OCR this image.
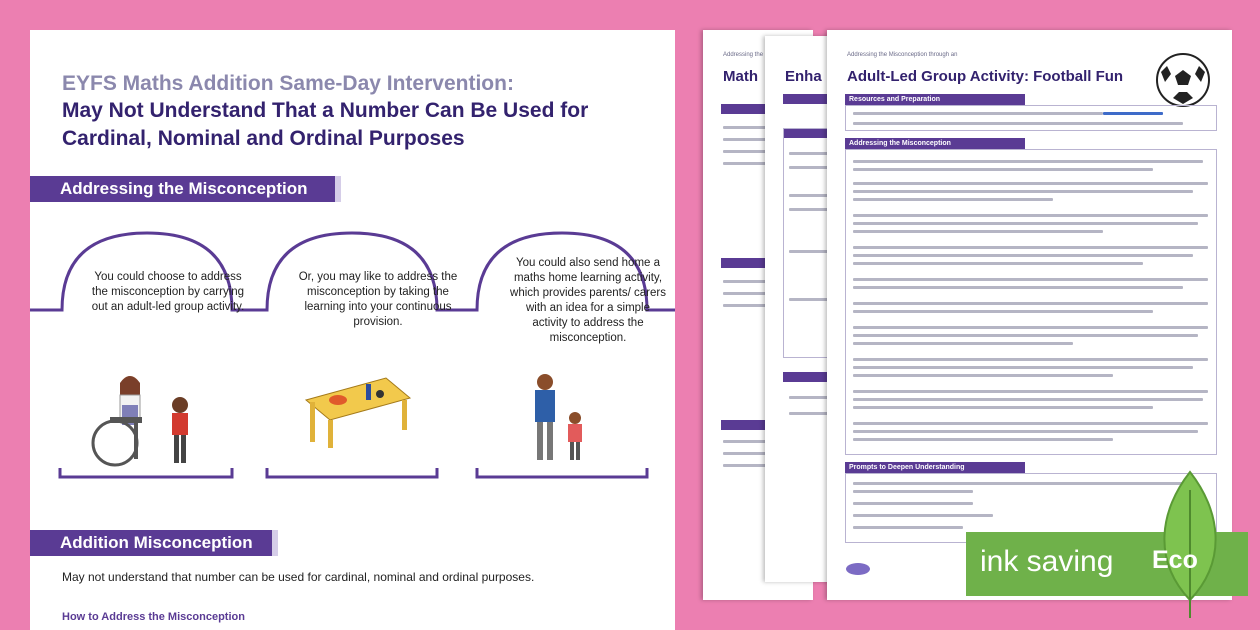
EYFS Maths Addition Same-Day Intervention:
May Not Understand That a Number Can Be Used for Cardinal, Nominal and Ordinal Purposes
Addressing the Misconception
You could choose to address the misconception by carrying out an adult-led group activity.
Or, you may like to address the misconception by taking the learning into your continuous provision.
You could also send home a maths home learning activity, which provides parents/ carers with an idea for a simple activity to address the misconception.
Addition Misconception
May not understand that number can be used for cardinal, nominal and ordinal purposes.
How to Address the Misconception
Addressing the
Math Enha
Addressing the Misconception through an
Adult-Led Group Activity: Football Fun
Resources and Preparation
Addressing the Misconception
Prompts to Deepen Understanding
ink saving Eco
